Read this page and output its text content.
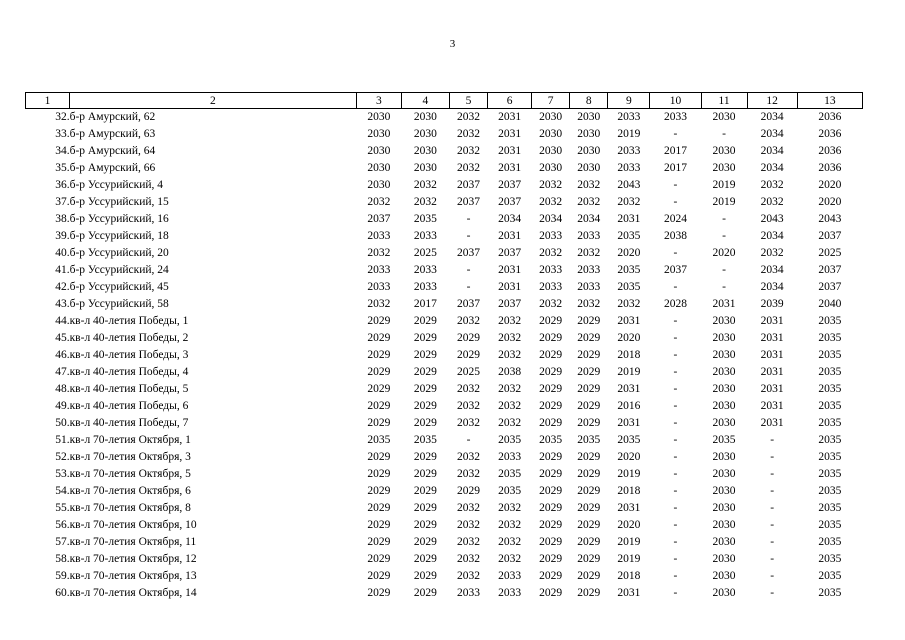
3
1	2	3	4	5	6	7	8	9	10	11	12	13
32.	б-р Амурский, 62	2030	2030	2032	2031	2030	2030	2033	2033	2030	2034	2036
33.	б-р Амурский, 63	2030	2030	2032	2031	2030	2030	2019	-	-	2034	2036
34.	б-р Амурский, 64	2030	2030	2032	2031	2030	2030	2033	2017	2030	2034	2036
35.	б-р Амурский, 66	2030	2030	2032	2031	2030	2030	2033	2017	2030	2034	2036
36.	б-р Уссурийский, 4	2030	2032	2037	2037	2032	2032	2043	-	2019	2032	2020
37.	б-р Уссурийский, 15	2032	2032	2037	2037	2032	2032	2032	-	2019	2032	2020
38.	б-р Уссурийский, 16	2037	2035	-	2034	2034	2034	2031	2024	-	2043	2043
39.	б-р Уссурийский, 18	2033	2033	-	2031	2033	2033	2035	2038	-	2034	2037
40.	б-р Уссурийский, 20	2032	2025	2037	2037	2032	2032	2020	-	2020	2032	2025
41.	б-р Уссурийский, 24	2033	2033	-	2031	2033	2033	2035	2037	-	2034	2037
42.	б-р Уссурийский, 45	2033	2033	-	2031	2033	2033	2035	-	-	2034	2037
43.	б-р Уссурийский, 58	2032	2017	2037	2037	2032	2032	2032	2028	2031	2039	2040
44.	кв-л 40-летия Победы, 1	2029	2029	2032	2032	2029	2029	2031	-	2030	2031	2035
45.	кв-л 40-летия Победы, 2	2029	2029	2029	2032	2029	2029	2020	-	2030	2031	2035
46.	кв-л 40-летия Победы, 3	2029	2029	2029	2032	2029	2029	2018	-	2030	2031	2035
47.	кв-л 40-летия Победы, 4	2029	2029	2025	2038	2029	2029	2019	-	2030	2031	2035
48.	кв-л 40-летия Победы, 5	2029	2029	2032	2032	2029	2029	2031	-	2030	2031	2035
49.	кв-л 40-летия Победы, 6	2029	2029	2032	2032	2029	2029	2016	-	2030	2031	2035
50.	кв-л 40-летия Победы, 7	2029	2029	2032	2032	2029	2029	2031	-	2030	2031	2035
51.	кв-л 70-летия Октября, 1	2035	2035	-	2035	2035	2035	2035	-	2035	-	2035
52.	кв-л 70-летия Октября, 3	2029	2029	2032	2033	2029	2029	2020	-	2030	-	2035
53.	кв-л 70-летия Октября, 5	2029	2029	2032	2035	2029	2029	2019	-	2030	-	2035
54.	кв-л 70-летия Октября, 6	2029	2029	2029	2035	2029	2029	2018	-	2030	-	2035
55.	кв-л 70-летия Октября, 8	2029	2029	2032	2032	2029	2029	2031	-	2030	-	2035
56.	кв-л 70-летия Октября, 10	2029	2029	2032	2032	2029	2029	2020	-	2030	-	2035
57.	кв-л 70-летия Октября, 11	2029	2029	2032	2032	2029	2029	2019	-	2030	-	2035
58.	кв-л 70-летия Октября, 12	2029	2029	2032	2032	2029	2029	2019	-	2030	-	2035
59.	кв-л 70-летия Октября, 13	2029	2029	2032	2033	2029	2029	2018	-	2030	-	2035
60.	кв-л 70-летия Октября, 14	2029	2029	2033	2033	2029	2029	2031	-	2030	-	2035
